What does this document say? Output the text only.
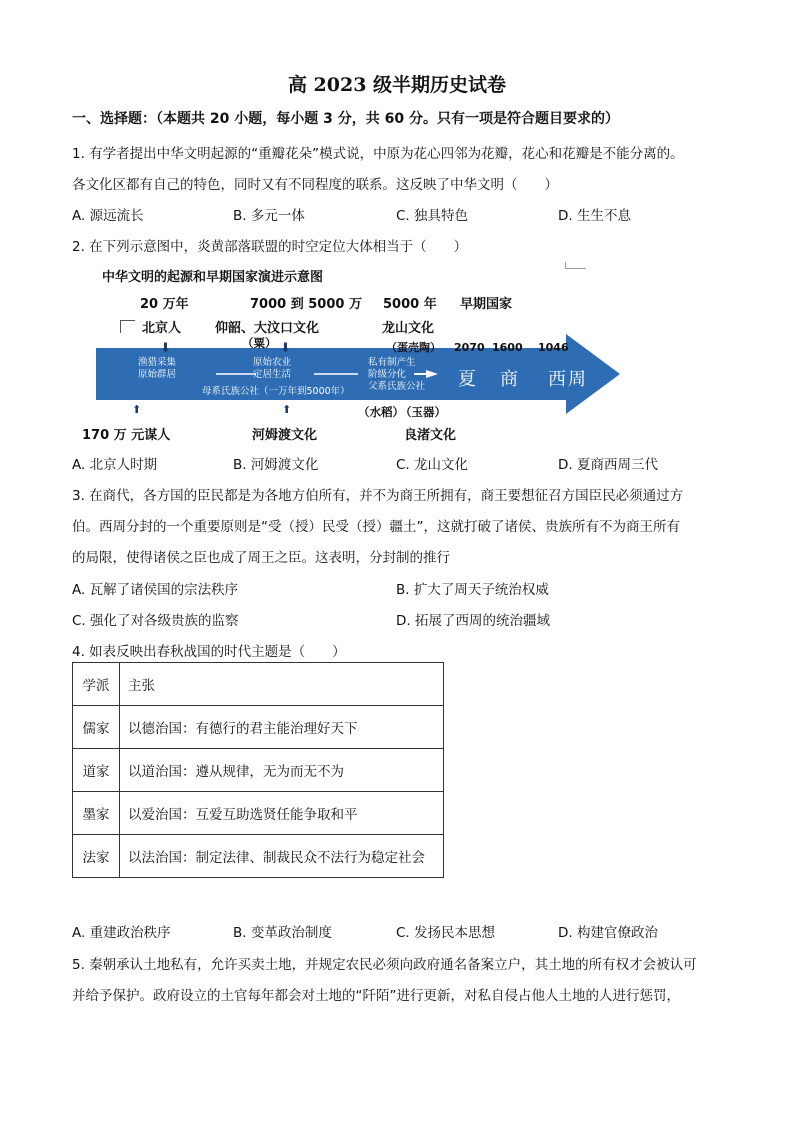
高 2023 级半期历史试卷
一、选择题：（本题共 20 小题，每小题 3 分，共 60 分。只有一项是符合题目要求的）
1. 有学者提出中华文明起源的“重瓣花朵”模式说，中原为花心四邻为花瓣，花心和花瓣是不能分离的。
各文化区都有自己的特色，同时又有不同程度的联系。这反映了中华文明（　　）
A. 源远流长	B. 多元一体	C. 独具特色	D. 生生不息
2. 在下列示意图中，炎黄部落联盟的时空定位大体相当于（　　）
中华文明的起源和早期国家演进示意图
20 万年	7000 到 5000 万 5000 年 早期国家
北京人	仰韶、大汶口文化	龙山文化
⬇	⬇
（粟）	（蛋壳陶） 2070 1600 1046
渔猎采集
原始群居
原始农业
定居生活
私有制产生
阶级分化
父系氏族公社
母系氏族公社（一万年到5000年）
夏 商 西周
⬆	⬆	（水稻）
（玉器）
170 万 元谋人	河姆渡文化	良渚文化
A. 北京人时期	B. 河姆渡文化	C. 龙山文化	D. 夏商西周三代
3. 在商代，各方国的臣民都是为各地方伯所有，并不为商王所拥有，商王要想征召方国臣民必须通过方
伯。西周分封的一个重要原则是“受（授）民受（授）疆土”，这就打破了诸侯、贵族所有不为商王所有
的局限，使得诸侯之臣也成了周王之臣。这表明，分封制的推行
A. 瓦解了诸侯国的宗法秩序	B. 扩大了周天子统治权威
C. 强化了对各级贵族的监察	D. 拓展了西周的统治疆域
4. 如表反映出春秋战国的时代主题是（　　）
学派	主张
儒家	以德治国：有德行的君主能治理好天下
道家	以道治国：遵从规律，无为而无不为
墨家	以爱治国：互爱互助选贤任能争取和平
法家	以法治国：制定法律、制裁民众不法行为稳定社会
A. 重建政治秩序	B. 变革政治制度	C. 发扬民本思想	D. 构建官僚政治
5. 秦朝承认土地私有，允许买卖土地，并规定农民必须向政府通名备案立户，其土地的所有权才会被认可
并给予保护。政府设立的土官每年都会对土地的“阡陌”进行更新，对私自侵占他人土地的人进行惩罚，
